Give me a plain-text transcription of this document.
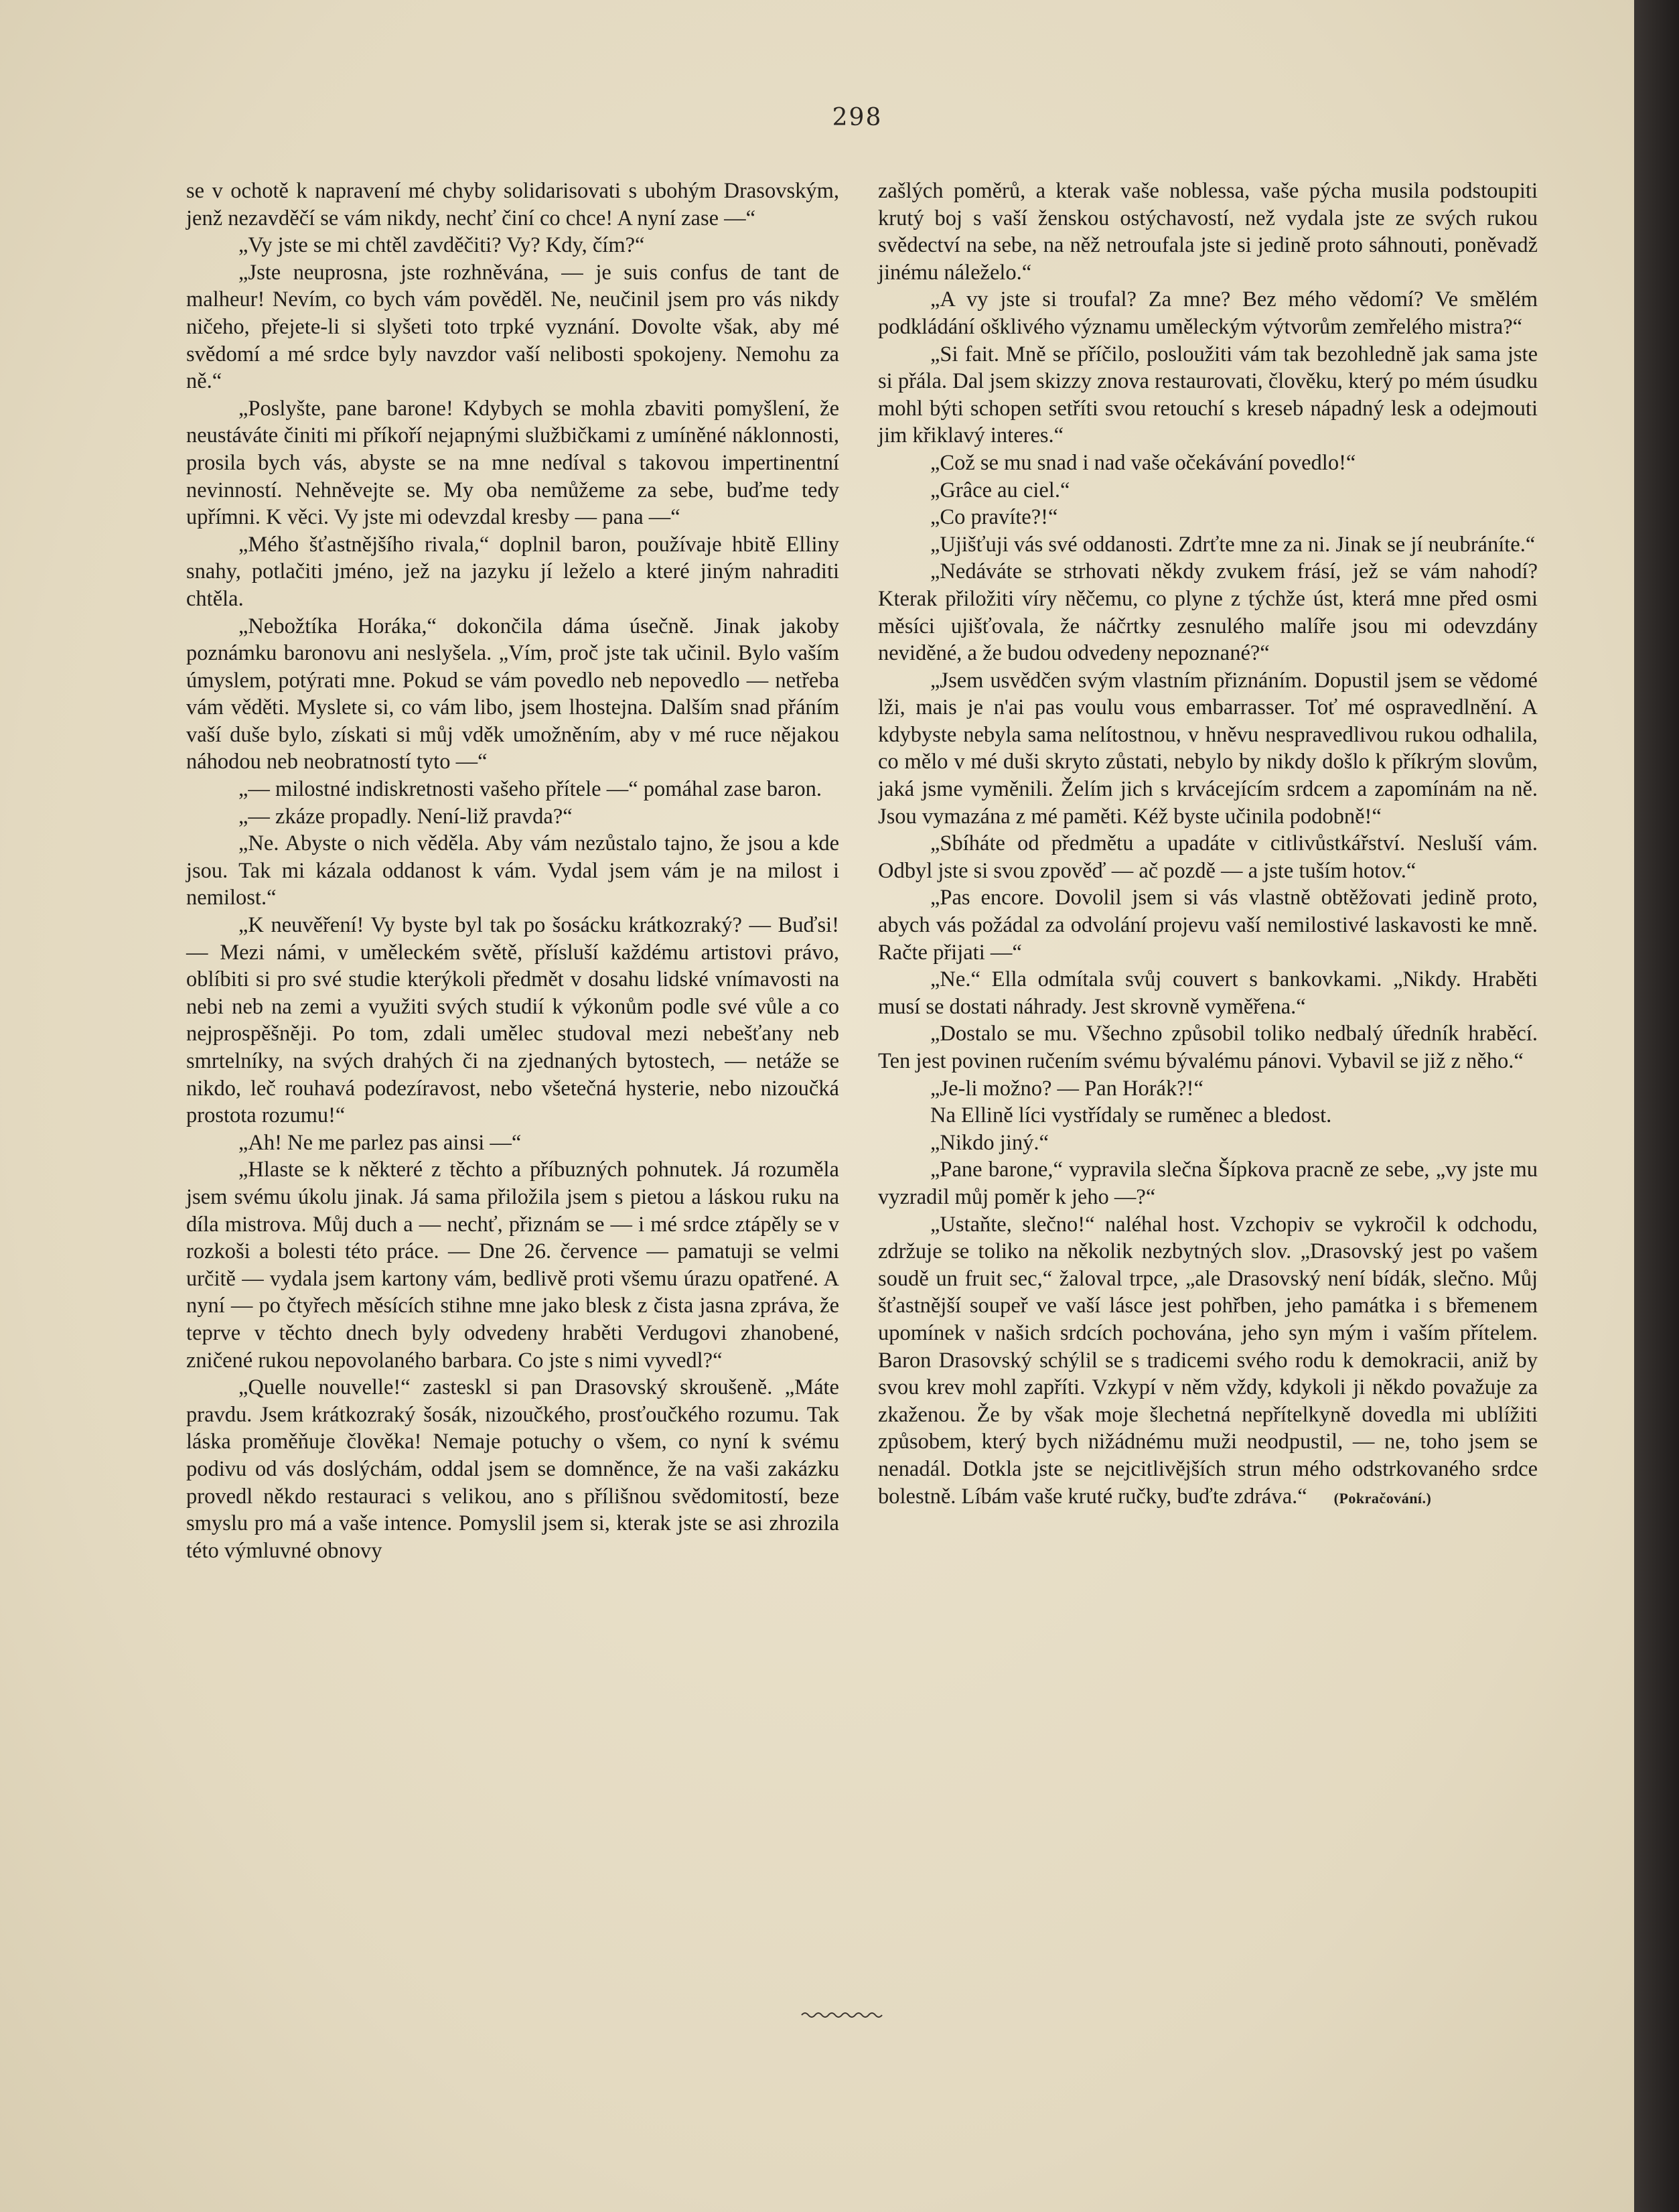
298

se v ochotě k napravení mé chyby solidarisovati s ubohým Drasovským, jenž nezavděčí se vám nikdy, nechť činí co chce! A nyní zase —“

„Vy jste se mi chtěl zavděčiti? Vy? Kdy, čím?“

„Jste neuprosna, jste rozhněvána, — je suis confus de tant de malheur! Nevím, co bych vám pověděl. Ne, neučinil jsem pro vás nikdy ničeho, přejete-li si slyšeti toto trpké vyznání. Dovolte však, aby mé svědomí a mé srdce byly navzdor vaší nelibosti spokojeny. Nemohu za ně.“

„Poslyšte, pane barone! Kdybych se mohla zbaviti pomyšlení, že neustáváte činiti mi příkoří nejapnými službičkami z umíněné náklonnosti, prosila bych vás, abyste se na mne nedíval s takovou impertinentní nevinností. Nehněvejte se. My oba nemůžeme za sebe, buďme tedy upřímni. K věci. Vy jste mi odevzdal kresby — pana —“

„Mého šťastnějšího rivala,“ doplnil baron, používaje hbitě Elliny snahy, potlačiti jméno, jež na jazyku jí leželo a které jiným nahraditi chtěla.

„Nebožtíka Horáka,“ dokončila dáma úsečně. Jinak jakoby poznámku baronovu ani neslyšela. „Vím, proč jste tak učinil. Bylo vaším úmyslem, potýrati mne. Pokud se vám povedlo neb nepovedlo — netřeba vám věděti. Myslete si, co vám libo, jsem lhostejna. Dalším snad přáním vaší duše bylo, získati si můj vděk umožněním, aby v mé ruce nějakou náhodou neb neobratností tyto —“

„— milostné indiskretnosti vašeho přítele —“ pomáhal zase baron.

„— zkáze propadly. Není-liž pravda?“

„Ne. Abyste o nich věděla. Aby vám nezůstalo tajno, že jsou a kde jsou. Tak mi kázala oddanost k vám. Vydal jsem vám je na milost i nemilost.“

„K neuvěření! Vy byste byl tak po šosácku krátkozraký? — Buďsi! — Mezi námi, v uměleckém světě, přísluší každému artistovi právo, oblíbiti si pro své studie kterýkoli předmět v dosahu lidské vnímavosti na nebi neb na zemi a využiti svých studií k výkonům podle své vůle a co nejprospěšněji. Po tom, zdali umělec studoval mezi nebešťany neb smrtelníky, na svých drahých či na zjednaných bytostech, — netáže se nikdo, leč rouhavá podezíravost, nebo všetečná hysterie, nebo nizoučká prostota rozumu!“

„Ah! Ne me parlez pas ainsi —“

„Hlaste se k některé z těchto a příbuzných pohnutek. Já rozuměla jsem svému úkolu jinak. Já sama přiložila jsem s pietou a láskou ruku na díla mistrova. Můj duch a — nechť, přiznám se — i mé srdce ztápěly se v rozkoši a bolesti této práce. — Dne 26. července — pamatuji se velmi určitě — vydala jsem kartony vám, bedlivě proti všemu úrazu opatřené. A nyní — po čtyřech měsících stihne mne jako blesk z čista jasna zpráva, že teprve v těchto dnech byly odvedeny hraběti Verdugovi zhanobené, zničené rukou nepovolaného barbara. Co jste s nimi vyvedl?“

„Quelle nouvelle!“ zasteskl si pan Drasovský skroušeně. „Máte pravdu. Jsem krátkozraký šosák, nizoučkého, prosťoučkého rozumu. Tak láska proměňuje člověka! Nemaje potuchy o všem, co nyní k svému podivu od vás doslýchám, oddal jsem se domněnce, že na vaši zakázku provedl někdo restauraci s velikou, ano s přílišnou svědomitostí, beze smyslu pro má a vaše intence. Pomyslil jsem si, kterak jste se asi zhrozila této výmluvné obnovy

zašlých poměrů, a kterak vaše noblessa, vaše pýcha musila podstoupiti krutý boj s vaší ženskou ostýchavostí, než vydala jste ze svých rukou svědectví na sebe, na něž netroufala jste si jedině proto sáhnouti, poněvadž jinému náleželo.“

„A vy jste si troufal? Za mne? Bez mého vědomí? Ve smělém podkládání ošklivého významu uměleckým výtvorům zemřelého mistra?“

„Si fait. Mně se příčilo, posloužiti vám tak bezohledně jak sama jste si přála. Dal jsem skizzy znova restaurovati, člověku, který po mém úsudku mohl býti schopen setříti svou retouchí s kreseb nápadný lesk a odejmouti jim křiklavý interes.“

„Což se mu snad i nad vaše očekávání povedlo!“

„Grâce au ciel.“

„Co pravíte?!“

„Ujišťuji vás své oddanosti. Zdrťte mne za ni. Jinak se jí neubráníte.“

„Nedáváte se strhovati někdy zvukem frásí, jež se vám nahodí? Kterak přiložiti víry něčemu, co plyne z týchže úst, která mne před osmi měsíci ujišťovala, že náčrtky zesnulého malíře jsou mi odevzdány neviděné, a že budou odvedeny nepoznané?“

„Jsem usvědčen svým vlastním přiznáním. Dopustil jsem se vědomé lži, mais je n'ai pas voulu vous embarrasser. Toť mé ospravedlnění. A kdybyste nebyla sama nelítostnou, v hněvu nespravedlivou rukou odhalila, co mělo v mé duši skryto zůstati, nebylo by nikdy došlo k příkrým slovům, jaká jsme vyměnili. Želím jich s krvácejícím srdcem a zapomínám na ně. Jsou vymazána z mé paměti. Kéž byste učinila podobně!“

„Sbíháte od předmětu a upadáte v citlivůstkářství. Nesluší vám. Odbyl jste si svou zpověď — ač pozdě — a jste tuším hotov.“

„Pas encore. Dovolil jsem si vás vlastně obtěžovati jedině proto, abych vás požádal za odvolání projevu vaší nemilostivé laskavosti ke mně. Račte přijati —“

„Ne.“ Ella odmítala svůj couvert s bankovkami. „Nikdy. Hraběti musí se dostati náhrady. Jest skrovně vyměřena.“

„Dostalo se mu. Všechno způsobil toliko nedbalý úředník hraběcí. Ten jest povinen ručením svému bývalému pánovi. Vybavil se již z něho.“

„Je-li možno? — Pan Horák?!“

Na Ellině líci vystřídaly se ruměnec a bledost.

„Nikdo jiný.“

„Pane barone,“ vypravila slečna Šípkova pracně ze sebe, „vy jste mu vyzradil můj poměr k jeho —?“

„Ustaňte, slečno!“ naléhal host. Vzchopiv se vykročil k odchodu, zdržuje se toliko na několik nezbytných slov. „Drasovský jest po vašem soudě un fruit sec,“ žaloval trpce, „ale Drasovský není bídák, slečno. Můj šťastnější soupeř ve vaší lásce jest pohřben, jeho památka i s břemenem upomínek v našich srdcích pochována, jeho syn mým i vaším přítelem. Baron Drasovský schýlil se s tradicemi svého rodu k demokracii, aniž by svou krev mohl zapříti. Vzkypí v něm vždy, kdykoli ji někdo považuje za zkaženou. Že by však moje šlechetná nepřítelkyně dovedla mi ublížiti způsobem, který bych nižádnému muži neodpustil, — ne, toho jsem se nenadál. Dotkla jste se nejcitlivějších strun mého odstrkovaného srdce bolestně. Líbám vaše kruté ručky, buďte zdráva.“ (Pokračování.)
